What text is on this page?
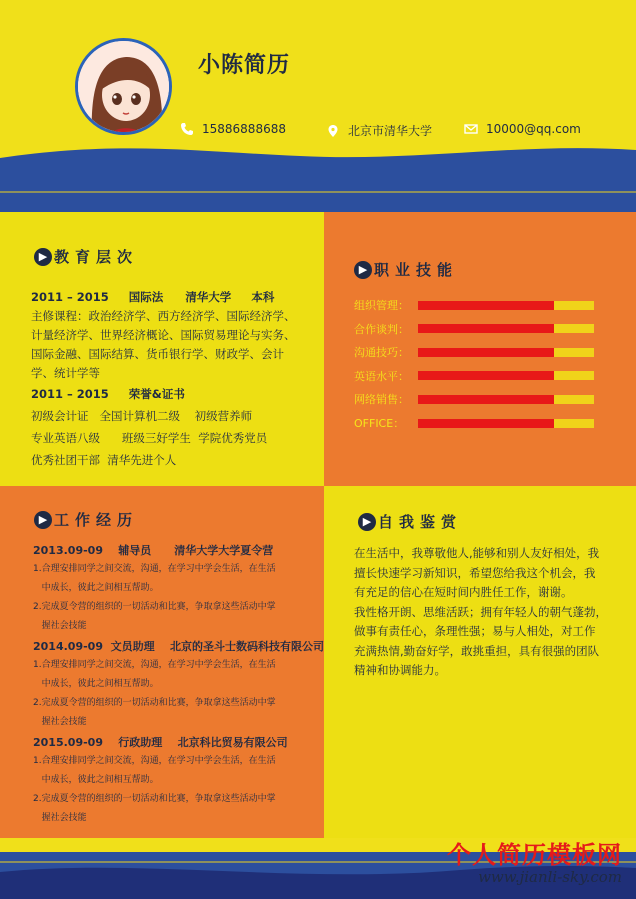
小陈简历
15886888688	北京市清华大学	10000@qq.com
▶ 教育层次
2011 – 2015 国际法 清华大学 本科
主修课程：政治经济学、西方经济学、国际经济学、
计量经济学、世界经济概论、国际贸易理论与实务、
国际金融、国际结算、货币银行学、财政学、会计
学、统计学等
2011 – 2015 荣誉&证书
初级会计证   全国计算机二级    初级营养师
专业英语八级      班级三好学生  学院优秀党员
优秀社团干部  清华先进个人
▶ 职业技能
组织管理：
合作谈判：
沟通技巧：
英语水平：
网络销售：
OFFICE：
▶ 工作经历
2013.09-09    辅导员      清华大学大学夏令营
1.合理安排同学之间交流，沟通，在学习中学会生活，在生活
中成长，彼此之间相互帮助。
2.完成夏令营的组织的一切活动和比赛，争取拿这些活动中掌
握社会技能
2014.09-09  文员助理    北京的圣斗士数码科技有限公司
1.合理安排同学之间交流，沟通，在学习中学会生活，在生活
中成长，彼此之间相互帮助。
2.完成夏令营的组织的一切活动和比赛，争取拿这些活动中掌
握社会技能
2015.09-09    行政助理    北京科比贸易有限公司
1.合理安排同学之间交流，沟通，在学习中学会生活，在生活
中成长，彼此之间相互帮助。
2.完成夏令营的组织的一切活动和比赛，争取拿这些活动中掌
握社会技能
▶ 自我鉴赏
在生活中，我尊敬他人,能够和别人友好相处，我
擅长快速学习新知识，希望您给我这个机会，我
有充足的信心在短时间内胜任工作，谢谢。
我性格开朗、思维活跃；拥有年轻人的朝气蓬勃，
做事有责任心，条理性强；易与人相处，对工作
充满热情,勤奋好学，敢挑重担，具有很强的团队
精神和协调能力。
个人简历模板网
www.jianli-sky.com
